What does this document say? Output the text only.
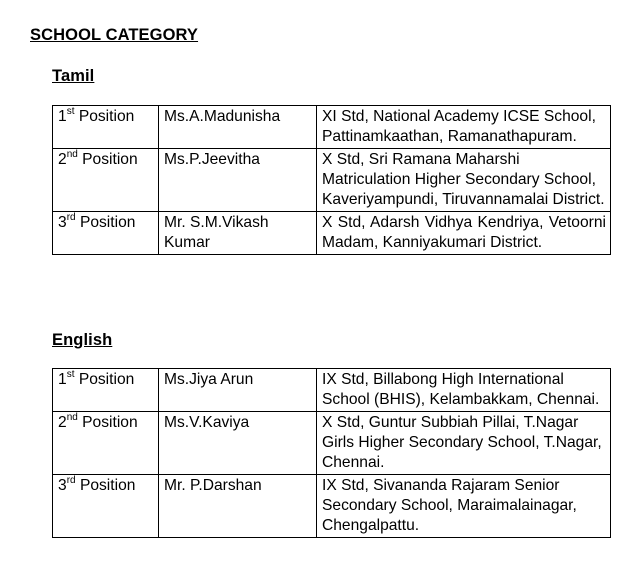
SCHOOL CATEGORY
Tamil
1st Position	Ms.A.Madunisha	XI Std, National Academy ICSE School, Pattinamkaathan, Ramanathapuram.
2nd Position	Ms.P.Jeevitha	X Std, Sri Ramana Maharshi Matriculation Higher Secondary School, Kaveriyampundi, Tiruvannamalai District.
3rd Position	Mr. S.M.Vikash Kumar	X Std, Adarsh Vidhya Kendriya, Vetoorni Madam, Kanniyakumari District.
English
1st Position	Ms.Jiya Arun	IX Std, Billabong High International School (BHIS), Kelambakkam, Chennai.
2nd Position	Ms.V.Kaviya	X Std, Guntur Subbiah Pillai, T.Nagar Girls Higher Secondary School, T.Nagar, Chennai.
3rd Position	Mr. P.Darshan	IX Std, Sivananda Rajaram Senior Secondary School, Maraimalainagar, Chengalpattu.
